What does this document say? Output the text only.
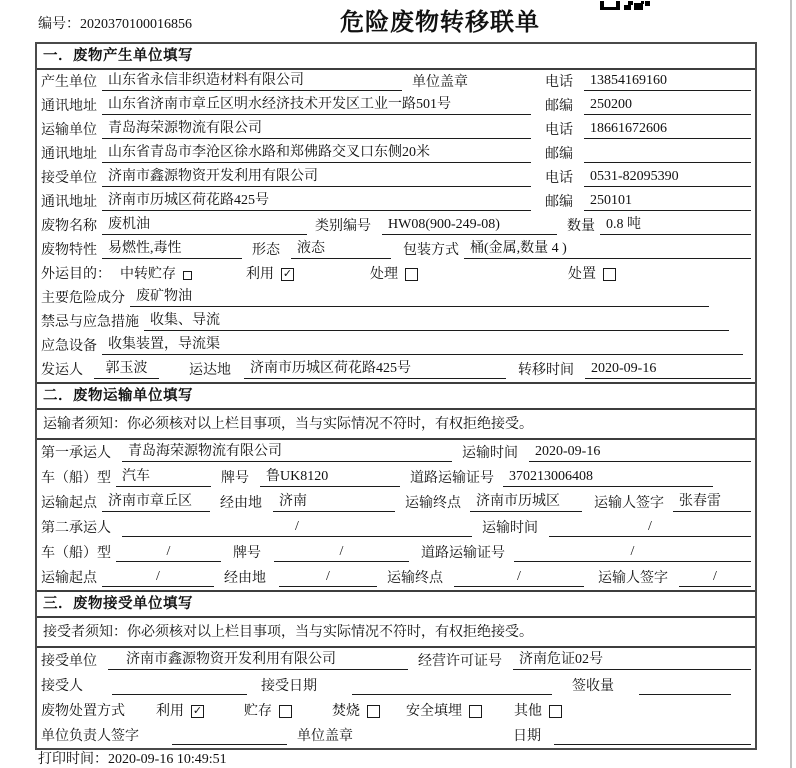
编号：2020370100016856	危险废物转移联单
一．废物产生单位填写
产生单位 山东省永信非织造材料有限公司	单位盖章	电话	13854169160
通讯地址 山东省济南市章丘区明水经济技术开发区工业一路501号	邮编	250200
运输单位 青岛海荣源物流有限公司	电话	18661672606
通讯地址 山东省青岛市李沧区徐水路和郑佛路交叉口东侧20米	邮编
接受单位 济南市鑫源物资开发利用有限公司	电话	0531-82095390
通讯地址 济南市历城区荷花路425号	邮编	250101
废物名称 废机油	类别编号	HW08(900-249-08)	数量 0.8 吨
废物特性 易燃性,毒性	形态	液态	包装方式 桶(金属,数量 4 )
外运目的： 中转贮存	利用 ✓	处理	处置
主要危险成分 废矿物油
禁忌与应急措施 收集、导流
应急设备 收集装置，导流渠
发运人	郭玉波	运达地	济南市历城区荷花路425号	转移时间	2020-09-16
二．废物运输单位填写
运输者须知：你必须核对以上栏目事项，当与实际情况不符时，有权拒绝接受。
第一承运人	青岛海荣源物流有限公司	运输时间	2020-09-16
车（船）型 汽车	牌号	鲁UK8120	道路运输证号	370213006408
运输起点 济南市章丘区	经由地	济南	运输终点	济南市历城区	运输人签字	张春雷
第二承运人	/	运输时间	/
车（船）型	/	牌号	/	道路运输证号	/
运输起点	/	经由地	/	运输终点	/	运输人签字	/
三．废物接受单位填写
接受者须知：你必须核对以上栏目事项，当与实际情况不符时，有权拒绝接受。
接受单位	济南市鑫源物资开发利用有限公司	经营许可证号	济南危证02号
接受人	接受日期	签收量
废物处置方式 利用 ✓	贮存	焚烧	安全填埋	其他
单位负责人签字	单位盖章	日期
打印时间：2020-09-16 10:49:51
